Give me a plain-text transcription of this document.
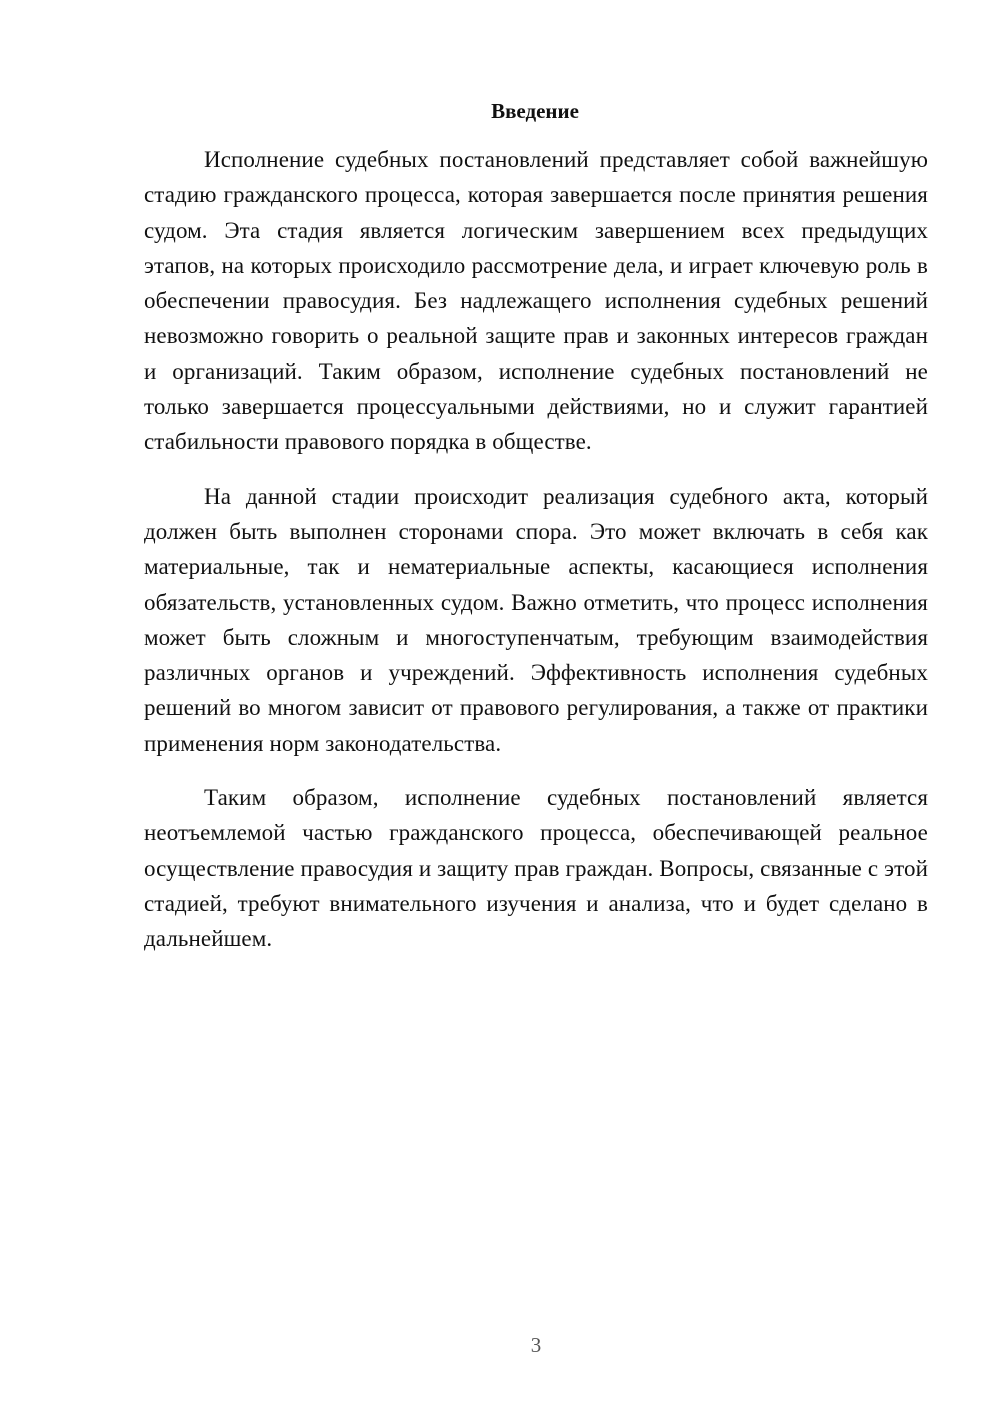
Введение

Исполнение судебных постановлений представляет собой важнейшую стадию гражданского процесса, которая завершается после принятия решения судом. Эта стадия является логическим завершением всех предыдущих этапов, на которых происходило рассмотрение дела, и играет ключевую роль в обеспечении правосудия. Без надлежащего исполнения судебных решений невозможно говорить о реальной защите прав и законных интересов граждан и организаций. Таким образом, исполнение судебных постановлений не только завершается процессуальными действиями, но и служит гарантией стабильности правового порядка в обществе.

На данной стадии происходит реализация судебного акта, который должен быть выполнен сторонами спора. Это может включать в себя как материальные, так и нематериальные аспекты, касающиеся исполнения обязательств, установленных судом. Важно отметить, что процесс исполнения может быть сложным и многоступенчатым, требующим взаимодействия различных органов и учреждений. Эффективность исполнения судебных решений во многом зависит от правового регулирования, а также от практики применения норм законодательства.

Таким образом, исполнение судебных постановлений является неотъемлемой частью гражданского процесса, обеспечивающей реальное осуществление правосудия и защиту прав граждан. Вопросы, связанные с этой стадией, требуют внимательного изучения и анализа, что и будет сделано в дальнейшем.

3
